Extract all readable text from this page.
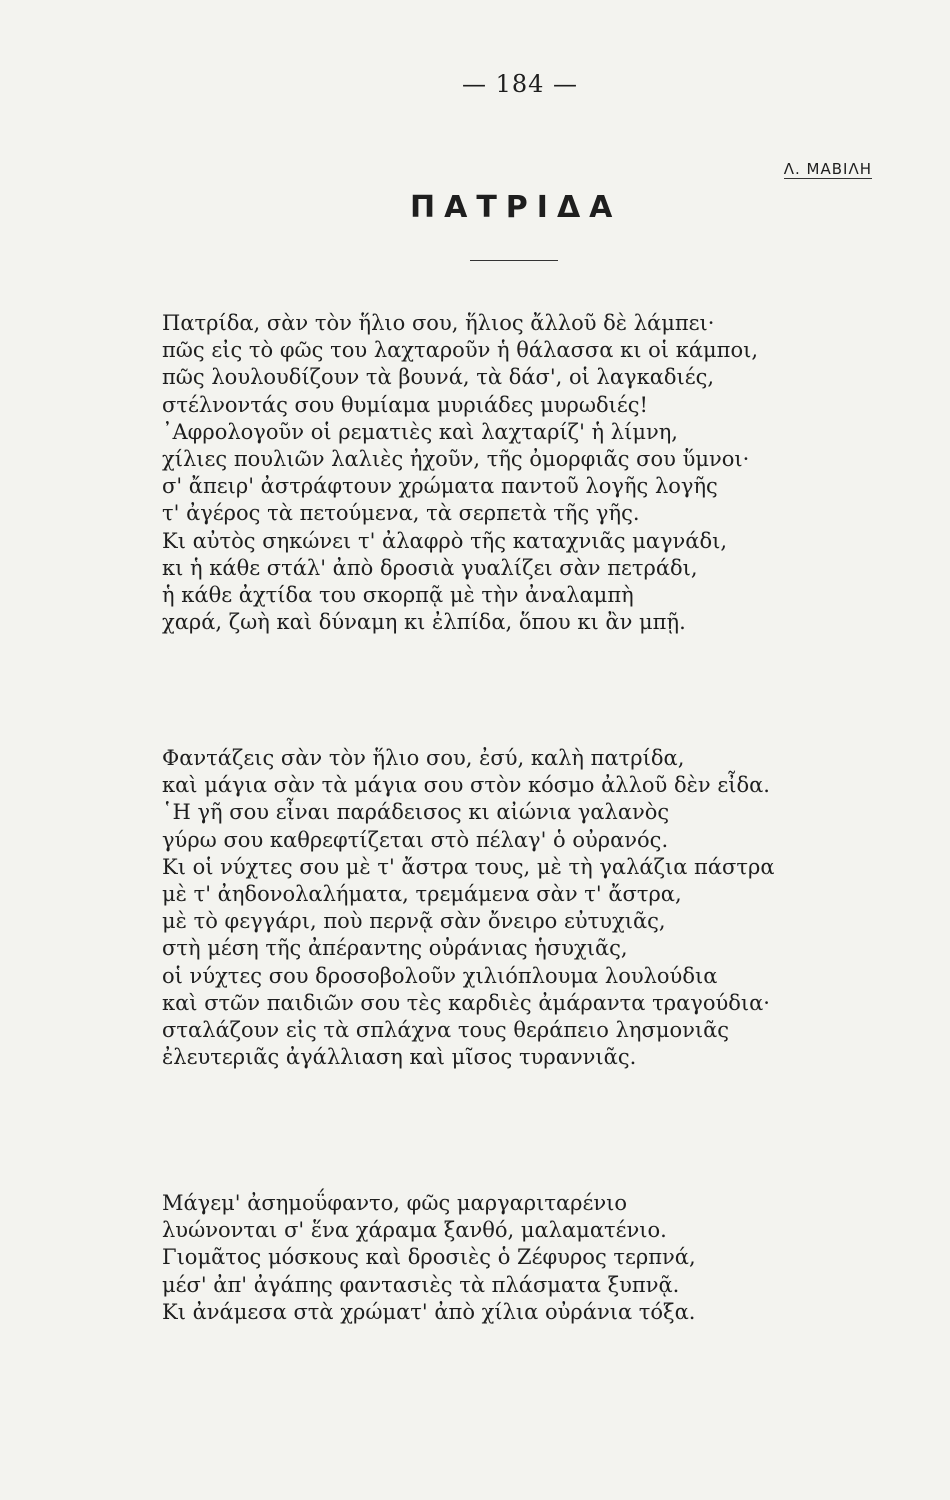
— 184 —
Λ. ΜΑΒΙΛΗ
ΠΑΤΡΙΔΑ
Πατρίδα, σὰν τὸν ἥλιο σου, ἥλιος ἄλλοῦ δὲ λάμπει·
πῶς εἰς τὸ φῶς του λαχταροῦν ἡ θάλασσα κι οἱ κάμποι,
πῶς λουλουδίζουν τὰ βουνά, τὰ δάσ', οἱ λαγκαδιές,
στέλνοντάς σου θυμίαμα μυριάδες μυρωδιές!
᾿Αφρολογοῦν οἱ ρεματιὲς καὶ λαχταρίζ' ἡ λίμνη,
χίλιες πουλιῶν λαλιὲς ἠχοῦν, τῆς ὀμορφιᾶς σου ὕμνοι·
σ' ἄπειρ' ἀστράφτουν χρώματα παντοῦ λογῆς λογῆς
τ' ἀγέρος τὰ πετούμενα, τὰ σερπετὰ τῆς γῆς.
Κι αὐτὸς σηκώνει τ' ἀλαφρὸ τῆς καταχνιᾶς μαγνάδι,
κι ἡ κάθε στάλ' ἀπὸ δροσιὰ γυαλίζει σὰν πετράδι,
ἡ κάθε ἀχτίδα του σκορπᾷ μὲ τὴν ἀναλαμπὴ
χαρά, ζωὴ καὶ δύναμη κι ἐλπίδα, ὅπου κι ἂν μπῇ.
Φαντάζεις σὰν τὸν ἥλιο σου, ἐσύ, καλὴ πατρίδα,
καὶ μάγια σὰν τὰ μάγια σου στὸν κόσμο ἀλλοῦ δὲν εἶδα.
῾Η γῆ σου εἶναι παράδεισος κι αἰώνια γαλανὸς
γύρω σου καθρεφτίζεται στὸ πέλαγ' ὁ οὐρανός.
Κι οἱ νύχτες σου μὲ τ' ἄστρα τους, μὲ τὴ γαλάζια πάστρα
μὲ τ' ἀηδονολαλήματα, τρεμάμενα σὰν τ' ἄστρα,
μὲ τὸ φεγγάρι, ποὺ περνᾷ σὰν ὄνειρο εὐτυχιᾶς,
στὴ μέση τῆς ἀπέραντης οὐράνιας ἡσυχιᾶς,
οἱ νύχτες σου δροσοβολοῦν χιλιόπλουμα λουλούδια
καὶ στῶν παιδιῶν σου τὲς καρδιὲς ἀμάραντα τραγούδια·
σταλάζουν εἰς τὰ σπλάχνα τους θεράπειο λησμονιᾶς
ἐλευτεριᾶς ἀγάλλιαση καὶ μῖσος τυραννιᾶς.
Μάγεμ' ἀσημοΰφαντο, φῶς μαργαριταρένιο
λυώνονται σ' ἕνα χάραμα ξανθό, μαλαματένιο.
Γιομᾶτος μόσκους καὶ δροσιὲς ὁ Ζέφυρος τερπνά,
μέσ' ἀπ' ἀγάπης φαντασιὲς τὰ πλάσματα ξυπνᾷ.
Κι ἀνάμεσα στὰ χρώματ' ἀπὸ χίλια οὐράνια τόξα.
